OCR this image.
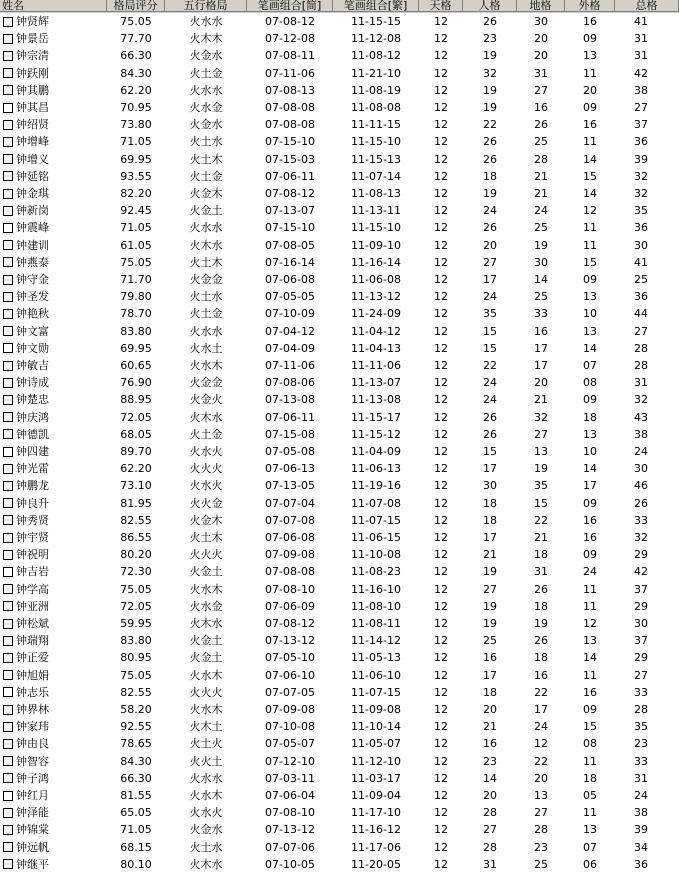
姓名	格局评分	五行格局	笔画组合[简]	笔画组合[繁]	天格	人格	地格	外格	总格
钟贤辉	75.05	火水水	07-08-12	11-15-15	12	26	30	16	41
钟景岳	77.70	火木木	07-12-08	11-12-08	12	23	20	09	31
钟宗清	66.30	火金水	07-08-11	11-08-12	12	19	20	13	31
钟跃刚	84.30	火土金	07-11-06	11-21-10	12	32	31	11	42
钟其鹏	62.20	火水水	07-08-13	11-08-19	12	19	27	20	38
钟其昌	70.95	火水金	07-08-08	11-08-08	12	19	16	09	27
钟绍贤	73.80	火金水	07-08-08	11-11-15	12	22	26	16	37
钟增峰	71.05	火土水	07-15-10	11-15-10	12	26	25	11	36
钟增义	69.95	火土木	07-15-03	11-15-13	12	26	28	14	39
钟延铭	93.55	火土金	07-06-11	11-07-14	12	18	21	15	32
钟金琪	82.20	火金木	07-08-12	11-08-13	12	19	21	14	32
钟新岗	92.45	火金土	07-13-07	11-13-11	12	24	24	12	35
钟震峰	71.05	火水水	07-15-10	11-15-10	12	26	25	11	36
钟建训	61.05	火木水	07-08-05	11-09-10	12	20	19	11	30
钟燕泰	75.05	火土木	07-16-14	11-16-14	12	27	30	15	41
钟守金	71.70	火金金	07-06-08	11-06-08	12	17	14	09	25
钟圣发	79.80	火土水	07-05-05	11-13-12	12	24	25	13	36
钟艳秋	78.70	火土金	07-10-09	11-24-09	12	35	33	10	44
钟文富	83.80	火水水	07-04-12	11-04-12	12	15	16	13	27
钟文勋	69.95	火水土	07-04-09	11-04-13	12	15	17	14	28
钟敏吉	60.65	火水木	07-11-06	11-11-06	12	22	17	07	28
钟诗成	76.90	火金金	07-08-06	11-13-07	12	24	20	08	31
钟楚忠	88.95	火金火	07-13-08	11-13-08	12	24	21	09	32
钟庆鸿	72.05	火木水	07-06-11	11-15-17	12	26	32	18	43
钟德凯	68.05	火土金	07-15-08	11-15-12	12	26	27	13	38
钟四建	89.70	火水火	07-05-08	11-04-09	12	15	13	10	24
钟光雷	62.20	火火火	07-06-13	11-06-13	12	17	19	14	30
钟鹏龙	73.10	火水火	07-13-05	11-19-16	12	30	35	17	46
钟良升	81.95	火火金	07-07-04	11-07-08	12	18	15	09	26
钟秀贤	82.55	火金木	07-07-08	11-07-15	12	18	22	16	33
钟宇贤	86.55	火土木	07-06-08	11-06-15	12	17	21	16	32
钟祝明	80.20	火火火	07-09-08	11-10-08	12	21	18	09	29
钟吉岩	72.30	火金土	07-08-08	11-08-23	12	19	31	24	42
钟学高	75.05	火水木	07-08-10	11-16-10	12	27	26	11	37
钟亚洲	72.05	火水金	07-06-09	11-08-10	12	19	18	11	29
钟松斌	59.95	火木水	07-08-12	11-08-11	12	19	19	12	30
钟瑞翔	83.80	火金土	07-13-12	11-14-12	12	25	26	13	37
钟正爱	80.95	火金土	07-05-10	11-05-13	12	16	18	14	29
钟旭娟	75.05	火水木	07-06-10	11-06-10	12	17	16	11	27
钟志乐	82.55	火火火	07-07-05	11-07-15	12	18	22	16	33
钟界林	58.20	火水木	07-09-08	11-09-08	12	20	17	09	28
钟家玮	92.55	火木土	07-10-08	11-10-14	12	21	24	15	35
钟由良	78.65	火土火	07-05-07	11-05-07	12	16	12	08	23
钟智容	84.30	火火土	07-12-10	11-12-10	12	23	22	11	33
钟子鸿	66.30	火水水	07-03-11	11-03-17	12	14	20	18	31
钟红月	81.55	火水木	07-06-04	11-09-04	12	20	13	05	24
钟泽能	65.05	火水火	07-08-10	11-17-10	12	28	27	11	38
钟锦棠	71.05	火金水	07-13-12	11-16-12	12	27	28	13	39
钟远帆	68.15	火土水	07-07-06	11-17-06	12	28	23	07	34
钟继平	80.10	火木水	07-10-05	11-20-05	12	31	25	06	36
